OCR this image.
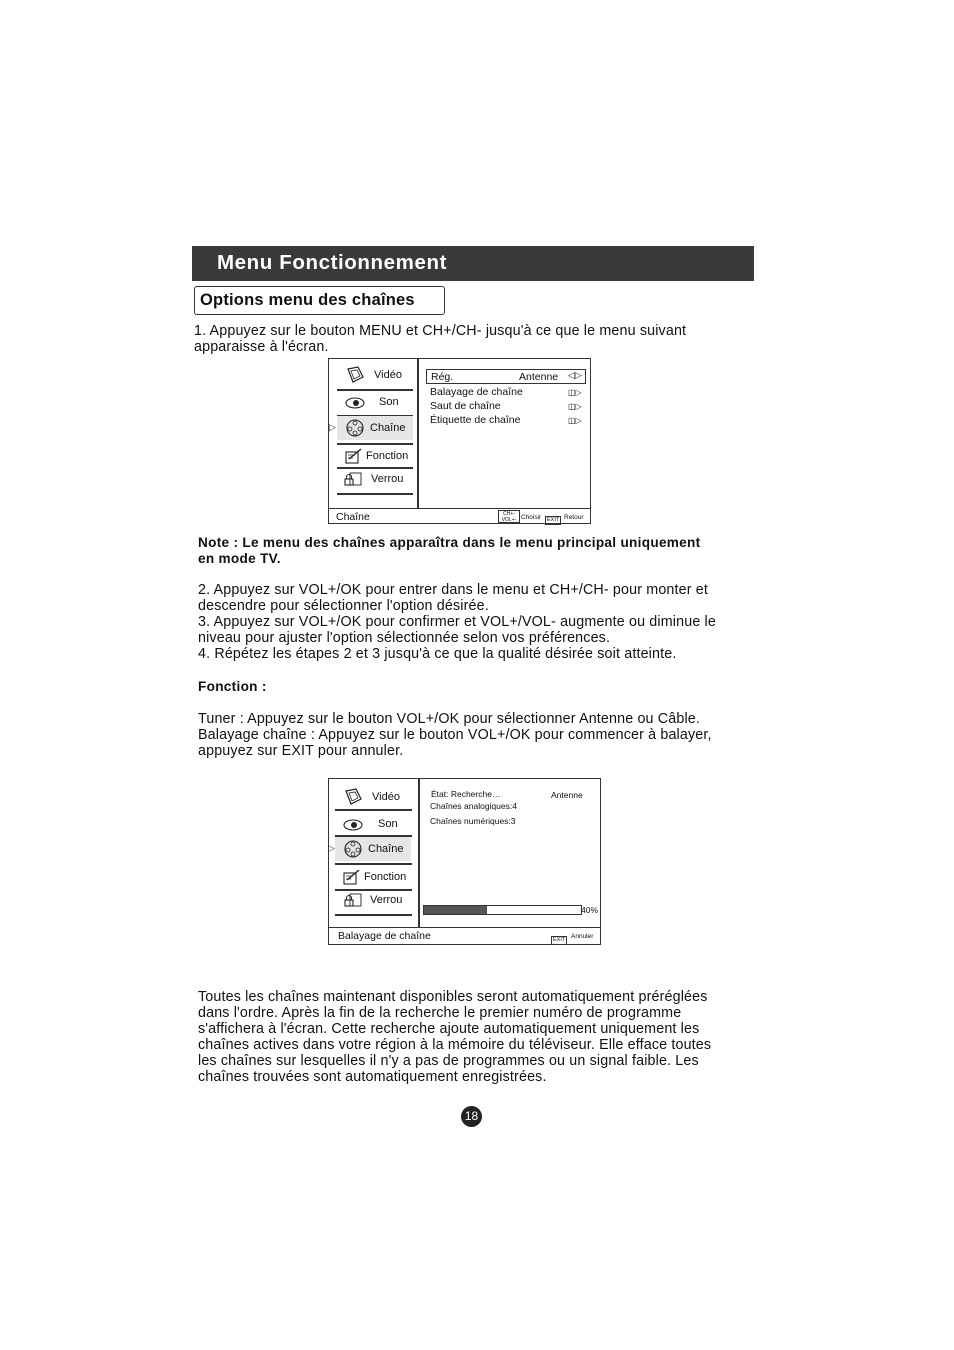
Menu Fonctionnement
Options menu des chaînes
1. Appuyez sur le bouton MENU et CH+/CH- jusqu'à ce que le menu suivant
apparaisse à l'écran.
Vidéo
Son
▷	Chaîne
Fonction
Verrou
Rég.	Antenne ◁▷
Balayage de chaîne	◫▷
Saut de chaîne	◫▷
Étiquette de chaîne	◫▷
Chaîne	CH+-
VOL+- Choisir	EXIT Retour
Note : Le menu des chaînes apparaîtra dans le menu principal uniquement
en mode TV.
2. Appuyez sur VOL+/OK pour entrer dans le menu et CH+/CH- pour monter et
descendre pour sélectionner l'option désirée.
3. Appuyez sur VOL+/OK pour confirmer et VOL+/VOL- augmente ou diminue le
niveau pour ajuster l'option sélectionnée selon vos préférences.
4. Répétez les étapes 2 et 3 jusqu'à ce que la qualité désirée soit atteinte.
Fonction :
Tuner : Appuyez sur le bouton VOL+/OK pour sélectionner Antenne ou Câble.
Balayage chaîne : Appuyez sur le bouton VOL+/OK pour commencer à balayer,
appuyez sur EXIT pour annuler.
Vidéo
Son
▷	Chaîne
Fonction
Verrou
État: Recherche…	Antenne
Chaînes analogiques:4
Chaînes numériques:3
40%
Balayage de chaîne	EXIT Annuler
Toutes les chaînes maintenant disponibles seront automatiquement préréglées
dans l'ordre. Après la fin de la recherche le premier numéro de programme
s'affichera à l'écran. Cette recherche ajoute automatiquement uniquement les
chaînes actives dans votre région à la mémoire du téléviseur. Elle efface toutes
les chaînes sur lesquelles il n'y a pas de programmes ou un signal faible. Les
chaînes trouvées sont automatiquement enregistrées.
18
